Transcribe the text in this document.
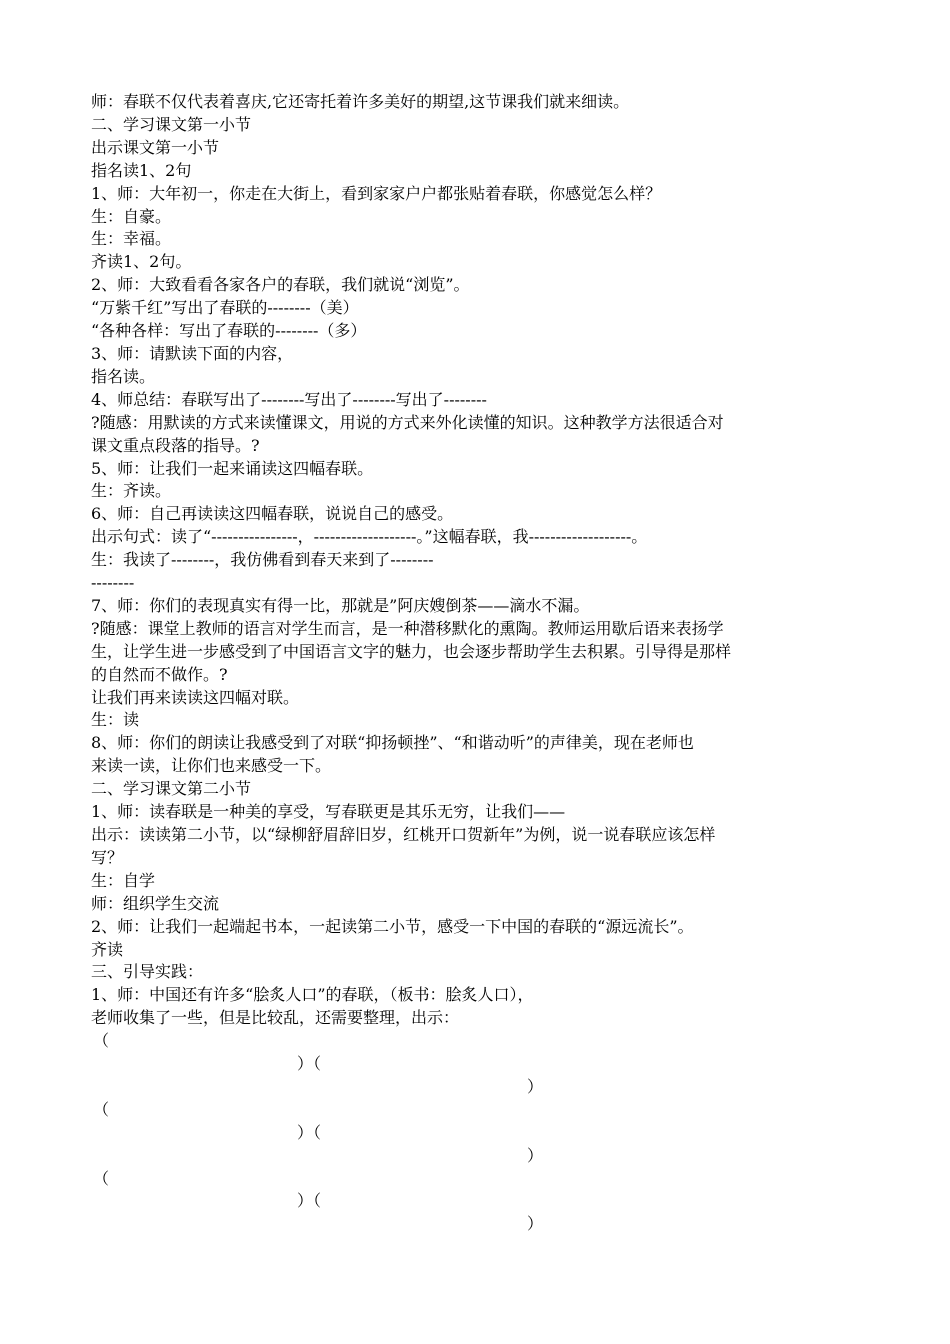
师：春联不仅代表着喜庆,它还寄托着许多美好的期望,这节课我们就来细读。
二、学习课文第一小节
出示课文第一小节
指名读1、2句
1、师：大年初一，你走在大街上，看到家家户户都张贴着春联，你感觉怎么样？
生：自豪。
生：幸福。
齐读1、2句。
2、师：大致看看各家各户的春联，我们就说“浏览”。
“万紫千红”写出了春联的--------（美）
“各种各样：写出了春联的--------（多）
3、师：请默读下面的内容，
指名读。
4、师总结：春联写出了--------写出了--------写出了--------
?随感：用默读的方式来读懂课文，用说的方式来外化读懂的知识。这种教学方法很适合对
课文重点段落的指导。?
5、师：让我们一起来诵读这四幅春联。
生：齐读。
6、师：自己再读读这四幅春联，说说自己的感受。
出示句式：读了“----------------，-------------------。”这幅春联，我-------------------。
生：我读了--------，我仿佛看到春天来到了--------
--------
7、师：你们的表现真实有得一比，那就是”阿庆嫂倒茶——滴水不漏。
?随感：课堂上教师的语言对学生而言，是一种潜移默化的熏陶。教师运用歇后语来表扬学
生，让学生进一步感受到了中国语言文字的魅力，也会逐步帮助学生去积累。引导得是那样
的自然而不做作。?
让我们再来读读这四幅对联。
生：读
8、师：你们的朗读让我感受到了对联“抑扬顿挫”、“和谐动听”的声律美，现在老师也
来读一读，让你们也来感受一下。
二、学习课文第二小节
1、师：读春联是一种美的享受，写春联更是其乐无穷，让我们——
出示：读读第二小节，以“绿柳舒眉辞旧岁，红桃开口贺新年”为例，说一说春联应该怎样
写？
生：自学
师：组织学生交流
2、师：让我们一起端起书本，一起读第二小节，感受一下中国的春联的“源远流长”。
齐读
三、引导实践：
1、师：中国还有许多“脍炙人口”的春联，（板书：脍炙人口），
老师收集了一些，但是比较乱，还需要整理，出示：
（
）（
）
（
）（
）
（
）（
）
